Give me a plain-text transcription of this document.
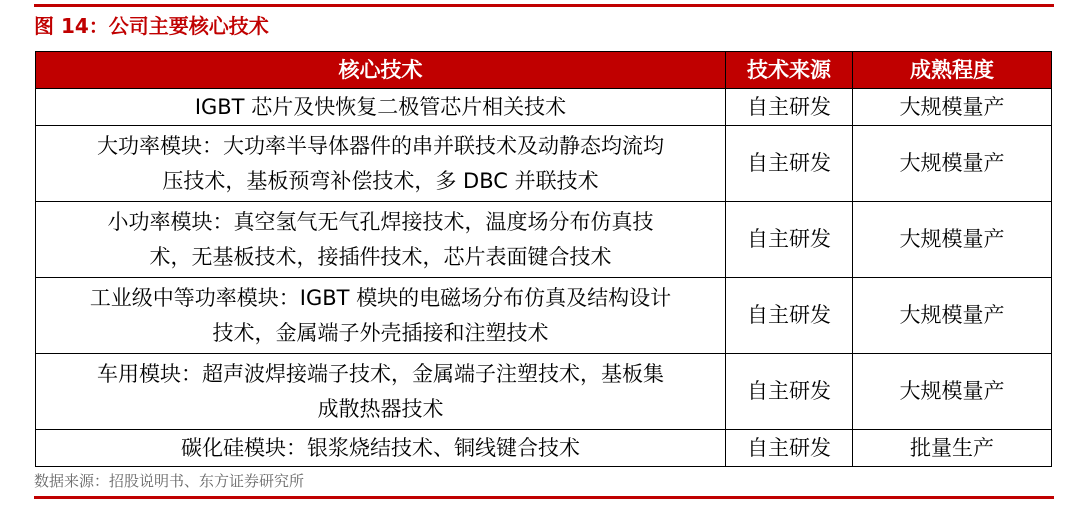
图 14：公司主要核心技术
核心技术	技术来源	成熟程度

IGBT 芯片及快恢复二极管芯片相关技术	自主研发	大规模量产

大功率模块：大功率半导体器件的串并联技术及动静态均流均
压技术，基板预弯补偿技术，多 DBC 并联技术	自主研发	大规模量产

小功率模块：真空氢气无气孔焊接技术，温度场分布仿真技
术，无基板技术，接插件技术，芯片表面键合技术	自主研发	大规模量产

工业级中等功率模块：IGBT 模块的电磁场分布仿真及结构设计
技术，金属端子外壳插接和注塑技术	自主研发	大规模量产

车用模块：超声波焊接端子技术，金属端子注塑技术，基板集
成散热器技术	自主研发	大规模量产

碳化硅模块：银浆烧结技术、铜线键合技术	自主研发	批量生产
数据来源：招股说明书、东方证券研究所
